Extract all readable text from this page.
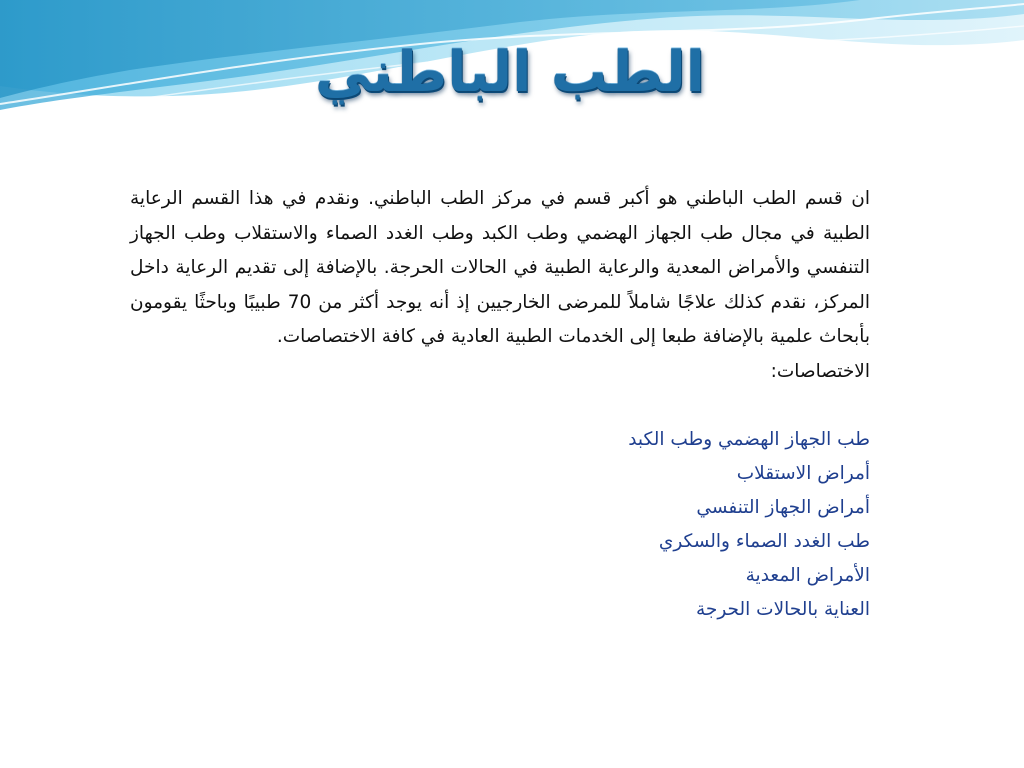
الطب الباطني

ان قسم الطب الباطني هو أكبر قسم في مركز الطب الباطني. ونقدم في هذا القسم الرعاية الطبية في مجال طب الجهاز الهضمي وطب الكبد وطب الغدد الصماء والاستقلاب وطب الجهاز التنفسي والأمراض المعدية والرعاية الطبية في الحالات الحرجة. بالإضافة إلى تقديم الرعاية داخل المركز، نقدم كذلك علاجًا شاملاً للمرضى الخارجيين إذ أنه يوجد أكثر من 70 طبيبًا وباحثًا يقومون بأبحاث علمية بالإضافة طبعا إلى الخدمات الطبية العادية في كافة الاختصاصات.

الاختصاصات:

طب الجهاز الهضمي وطب الكبد
أمراض الاستقلاب
أمراض الجهاز التنفسي
طب الغدد الصماء والسكري
الأمراض المعدية
العناية بالحالات الحرجة
